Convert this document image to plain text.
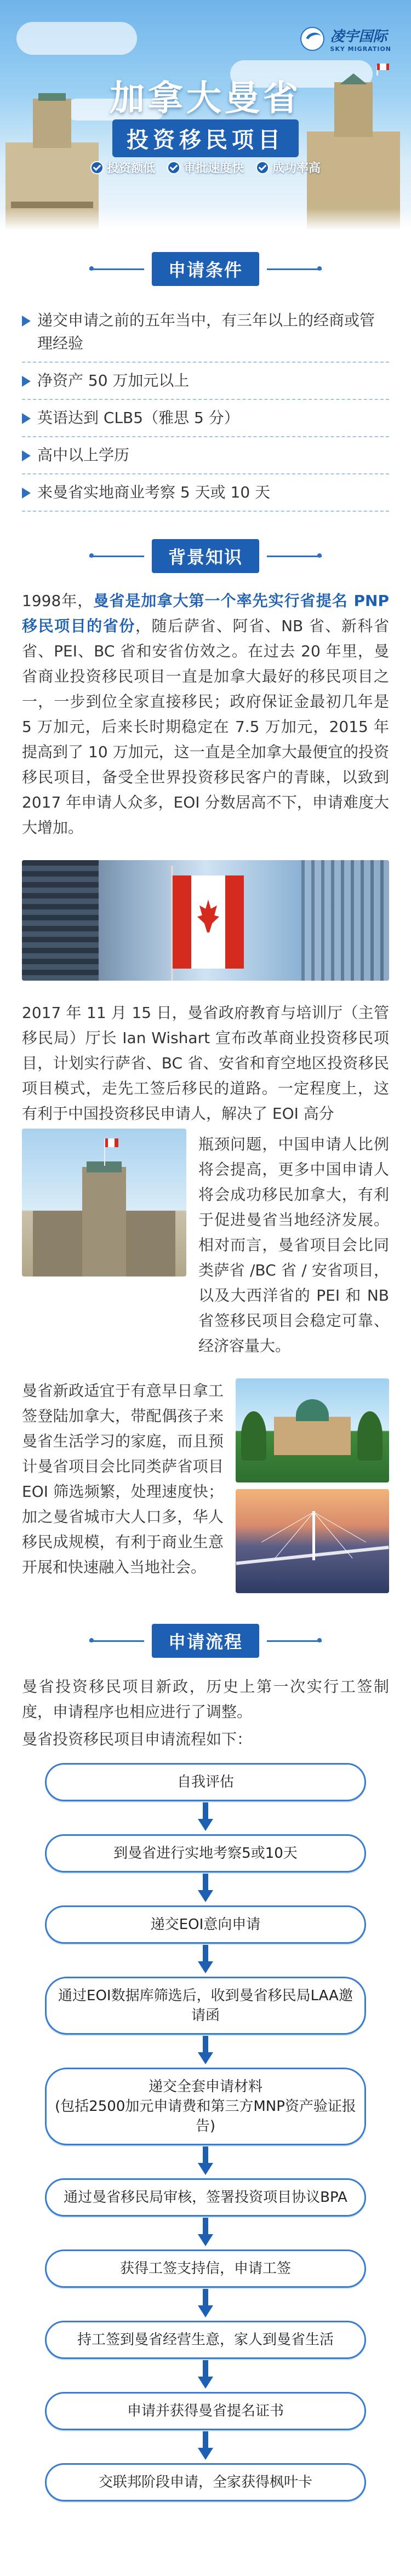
凌宇国际
SKY MIGRATION
加拿大曼省
投资移民项目
投资额低 审批速度快 成功率高
申请条件
递交申请之前的五年当中，有三年以上的经商或管理经验
净资产 50 万加元以上
英语达到 CLB5（雅思 5 分）
高中以上学历
来曼省实地商业考察 5 天或 10 天
背景知识

1998年，曼省是加拿大第一个率先实行省提名 PNP 移民项目的省份，随后萨省、阿省、NB 省、新科省省、PEI、BC 省和安省仿效之。在过去 20 年里，曼省商业投资移民项目一直是加拿大最好的移民项目之一，一步到位全家直接移民；政府保证金最初几年是 5 万加元，后来长时期稳定在 7.5 万加元，2015 年提高到了 10 万加元，这一直是全加拿大最便宜的投资移民项目，备受全世界投资移民客户的青睐，以致到 2017 年申请人众多，EOI 分数居高不下，申请难度大大增加。

2017 年 11 月 15 日，曼省政府教育与培训厅（主管移民局）厅长 Ian Wishart 宣布改革商业投资移民项目，计划实行萨省、BC 省、安省和育空地区投资移民项目模式，走先工签后移民的道路。一定程度上，这有利于中国投资移民申请人，解决了 EOI 高分

瓶颈问题，中国申请人比例将会提高，更多中国申请人将会成功移民加拿大，有利于促进曼省当地经济发展。相对而言，曼省项目会比同类萨省 /BC 省 / 安省项目，以及大西洋省的 PEI 和 NB 省签移民项目会稳定可靠、经济容量大。

曼省新政适宜于有意早日拿工签登陆加拿大，带配偶孩子来曼省生活学习的家庭，而且预计曼省项目会比同类萨省项目 EOI 筛选频繁，处理速度快；加之曼省城市大人口多，华人移民成规模，有利于商业生意开展和快速融入当地社会。

申请流程

曼省投资移民项目新政，历史上第一次实行工签制度，申请程序也相应进行了调整。

曼省投资移民项目申请流程如下：

自我评估
到曼省进行实地考察5或10天
递交EOI意向申请
通过EOI数据库筛选后，收到曼省移民局LAA邀请函
递交全套申请材料
(包括2500加元申请费和第三方MNP资产验证报告)
通过曼省移民局审核，签署投资项目协议BPA
获得工签支持信，申请工签
持工签到曼省经营生意，家人到曼省生活
申请并获得曼省提名证书
交联邦阶段申请，全家获得枫叶卡
